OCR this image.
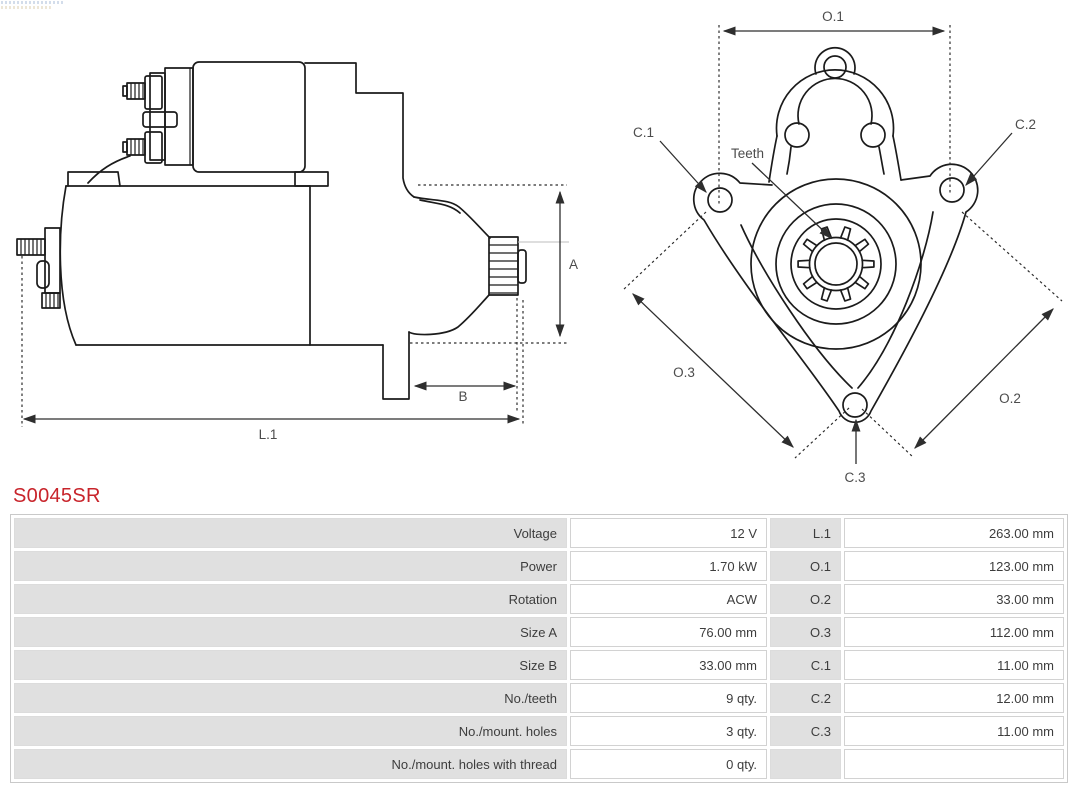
A
B
L.1
O.1
O.3
O.2
C.1
C.2
C.3
Teeth
S0045SR
Voltage	12 V	L.1	263.00 mm
Power	1.70 kW	O.1	123.00 mm
Rotation	ACW	O.2	33.00 mm
Size A	76.00 mm	O.3	112.00 mm
Size B	33.00 mm	C.1	11.00 mm
No./teeth	9 qty.	C.2	12.00 mm
No./mount. holes	3 qty.	C.3	11.00 mm
No./mount. holes with thread	0 qty.		
